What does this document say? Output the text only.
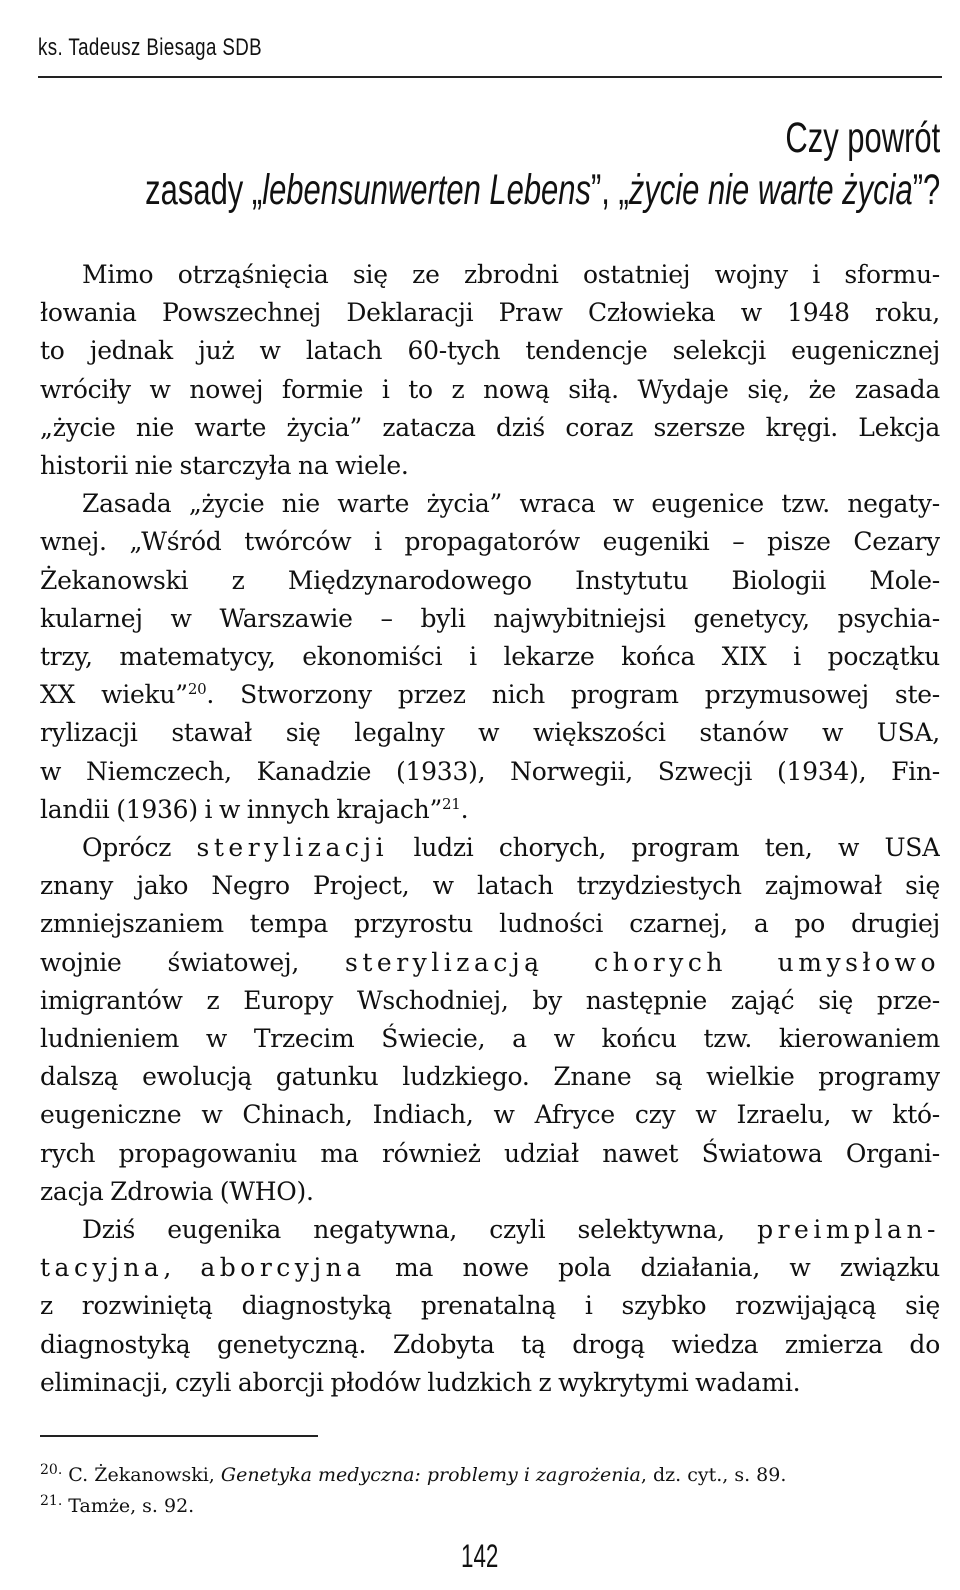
ks. Tadeusz Biesaga SDB
Czy powrót
zasady „lebensunwerten Lebens”, „życie nie warte życia”?
Mimo otrząśnięcia się ze zbrodni ostatniej wojny i sformu-
łowania Powszechnej Deklaracji Praw Człowieka w 1948 roku,
to jednak już w latach 60-tych tendencje selekcji eugenicznej
wróciły w nowej formie i to z nową siłą. Wydaje się, że zasada
„życie nie warte życia” zatacza dziś coraz szersze kręgi. Lekcja
historii nie starczyła na wiele.
Zasada „życie nie warte życia” wraca w eugenice tzw. negaty-
wnej. „Wśród twórców i propagatorów eugeniki – pisze Cezary
Żekanowski z Międzynarodowego Instytutu Biologii Mole-
kularnej w Warszawie – byli najwybitniejsi genetycy, psychia-
trzy, matematycy, ekonomiści i lekarze końca XIX i początku
XX wieku”$^{20}$. Stworzony przez nich program przymusowej ste-
rylizacji stawał się legalny w większości stanów w USA,
w Niemczech, Kanadzie (1933), Norwegii, Szwecji (1934), Fin-
landii (1936) i w innych krajach”$^{21}$.
Oprócz sterylizacji ludzi chorych, program ten, w USA
znany jako Negro Project, w latach trzydziestych zajmował się
zmniejszaniem tempa przyrostu ludności czarnej, a po drugiej
wojnie światowej, sterylizacją chorych umysłowo
imigrantów z Europy Wschodniej, by następnie zająć się prze-
ludnieniem w Trzecim Świecie, a w końcu tzw. kierowaniem
dalszą ewolucją gatunku ludzkiego. Znane są wielkie programy
eugeniczne w Chinach, Indiach, w Afryce czy w Izraelu, w któ-
rych propagowaniu ma również udział nawet Światowa Organi-
zacja Zdrowia (WHO).
Dziś eugenika negatywna, czyli selektywna, preimplan-
tacyjna, aborcyjna ma nowe pola działania, w związku
z rozwiniętą diagnostyką prenatalną i szybko rozwijającą się
diagnostyką genetyczną. Zdobyta tą drogą wiedza zmierza do
eliminacji, czyli aborcji płodów ludzkich z wykrytymi wadami.
$^{20.}$ C. Żekanowski, Genetyka medyczna: problemy i zagrożenia, dz. cyt., s. 89.
$^{21.}$ Tamże, s. 92.
142
